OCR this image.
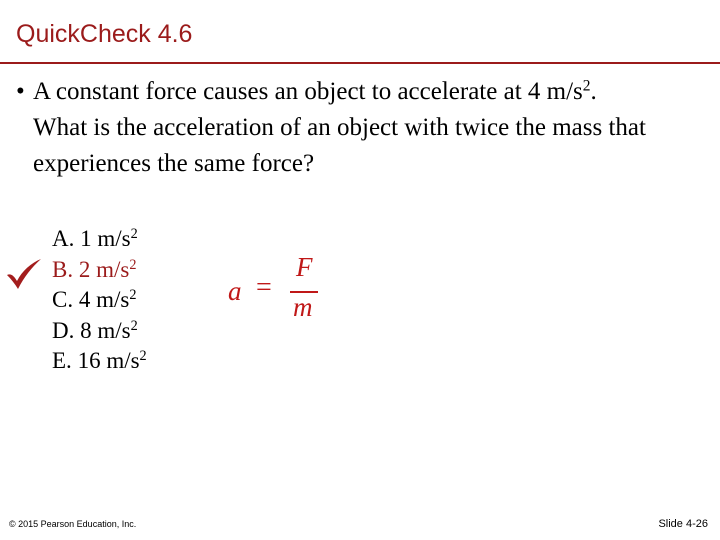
QuickCheck 4.6
• A constant force causes an object to accelerate at 4 $m/s^2$. What is the acceleration of an object with twice the mass that experiences the same force?
A. 1 $m/s^2$
B. 2 $m/s^2$
C. 4 $m/s^2$
D. 8 $m/s^2$
E. 16 $m/s^2$
a =
F
m
© 2015 Pearson Education, Inc.	Slide 4-26
